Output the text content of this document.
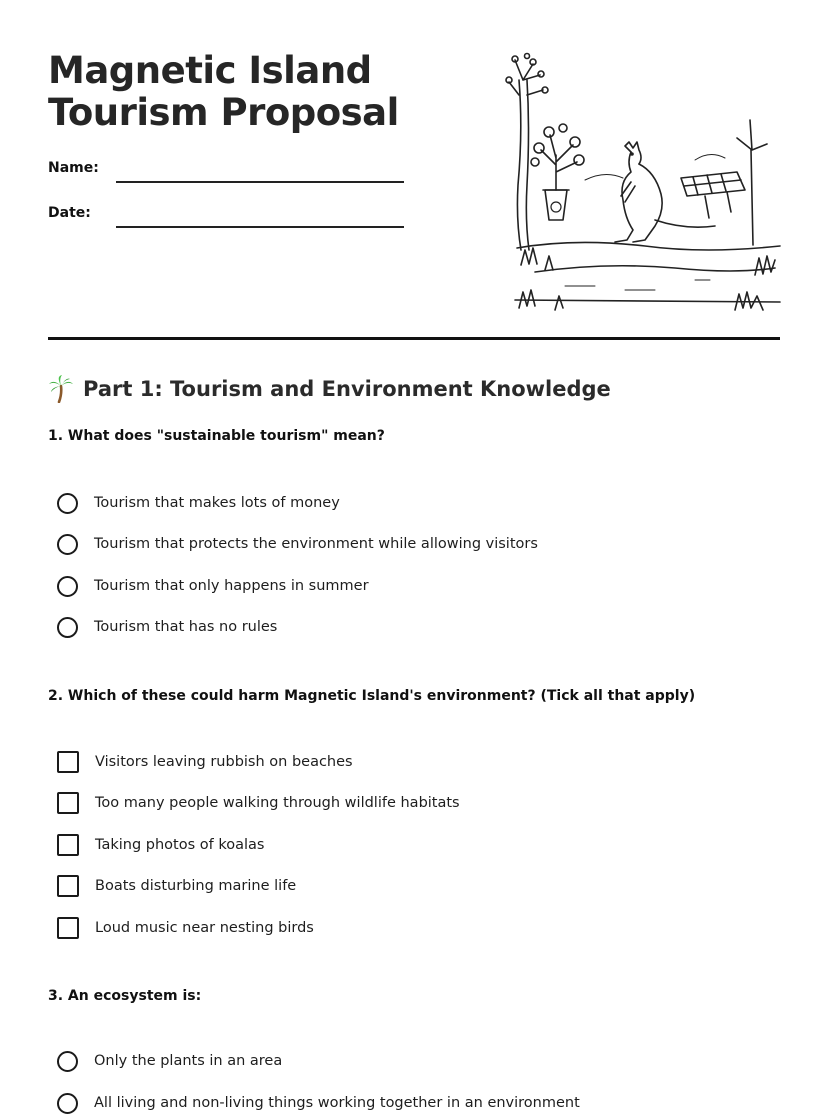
Magnetic Island
Tourism Proposal
Name:
Date:
Part 1: Tourism and Environment Knowledge

1. What does "sustainable tourism" mean?

Tourism that makes lots of money
Tourism that protects the environment while allowing visitors
Tourism that only happens in summer
Tourism that has no rules

2. Which of these could harm Magnetic Island's environment? (Tick all that apply)

Visitors leaving rubbish on beaches
Too many people walking through wildlife habitats
Taking photos of koalas
Boats disturbing marine life
Loud music near nesting birds

3. An ecosystem is:

Only the plants in an area
All living and non-living things working together in an environment
